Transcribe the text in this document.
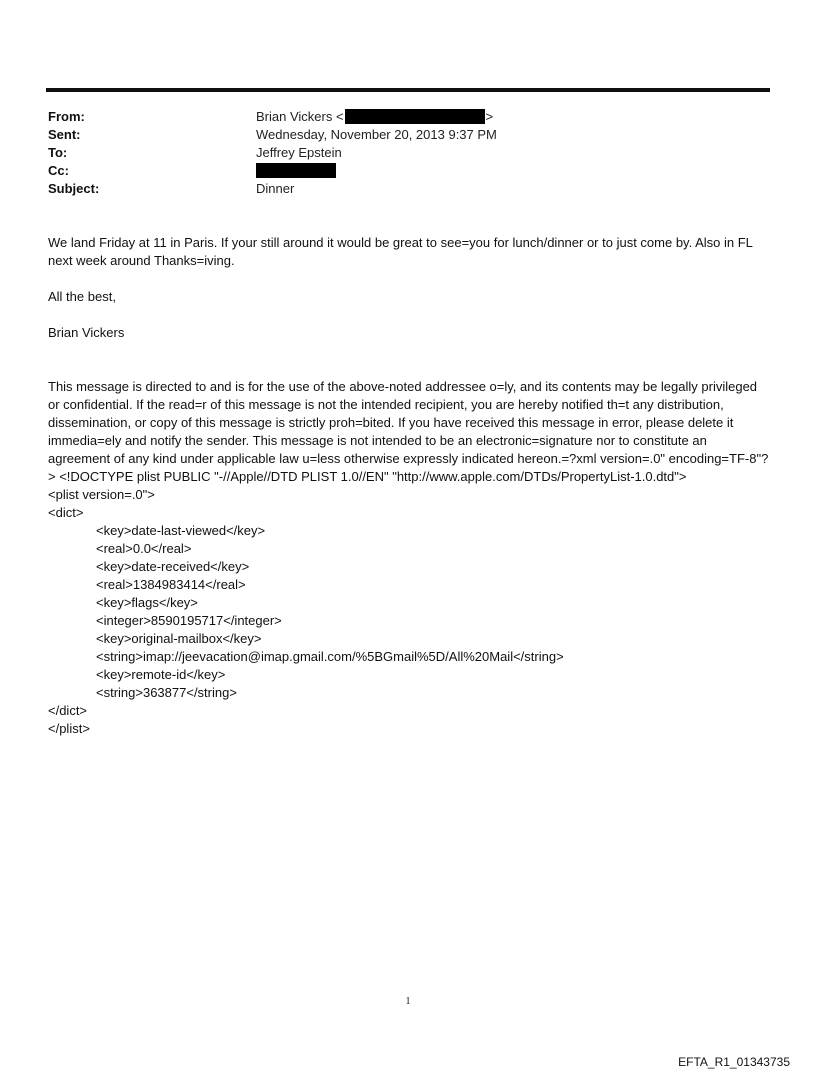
From:	Brian Vickers <	>
Sent:	Wednesday, November 20, 2013 9:37 PM
To:	Jeffrey Epstein
Cc:
Subject:	Dinner

We land Friday at 11 in Paris. If your still around it would be great to see=you for lunch/dinner or to just come by. Also in FL next week around Thanks=iving.

All the best,

Brian Vickers

This message is directed to and is for the use of the above-noted addressee o=ly, and its contents may be legally privileged or confidential. If the read=r of this message is not the intended recipient, you are hereby notified th=t any distribution, dissemination, or copy of this message is strictly proh=bited. If you have received this message in error, please delete it immedia=ely and notify the sender. This message is not intended to be an electronic=signature nor to constitute an agreement of any kind under applicable law u=less otherwise expressly indicated hereon.=?xml version=.0" encoding=TF-8"?> <!DOCTYPE plist PUBLIC "-//Apple//DTD PLIST 1.0//EN" "http://www.apple.com/DTDs/PropertyList-1.0.dtd">

<plist version=.0">

<dict>

<key>date-last-viewed</key>

<real>0.0</real>

<key>date-received</key>

<real>1384983414</real>

<key>flags</key>

<integer>8590195717</integer>

<key>original-mailbox</key>

<string>imap://jeevacation@imap.gmail.com/%5BGmail%5D/All%20Mail</string>

<key>remote-id</key>

<string>363877</string>

</dict>

</plist>

1
EFTA_R1_01343735
